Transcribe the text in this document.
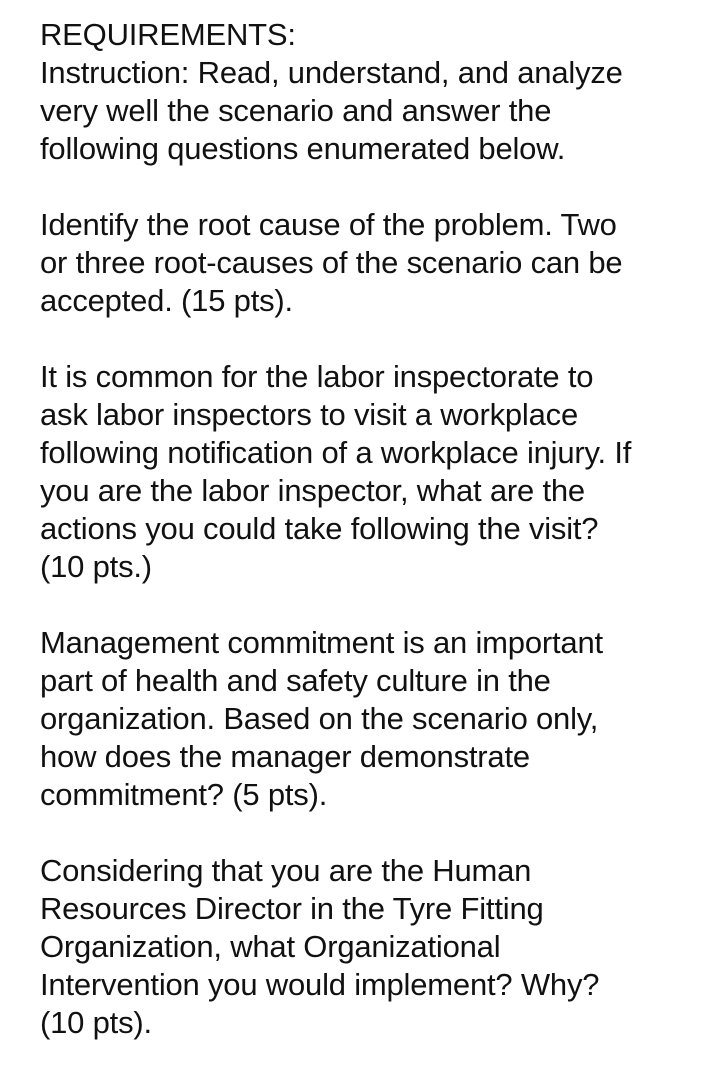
REQUIREMENTS:
Instruction: Read, understand, and analyze
very well the scenario and answer the
following questions enumerated below.
Identify the root cause of the problem. Two
or three root-causes of the scenario can be
accepted. (15 pts).
It is common for the labor inspectorate to
ask labor inspectors to visit a workplace
following notification of a workplace injury. If
you are the labor inspector, what are the
actions you could take following the visit?
(10 pts.)
Management commitment is an important
part of health and safety culture in the
organization. Based on the scenario only,
how does the manager demonstrate
commitment? (5 pts).
Considering that you are the Human
Resources Director in the Tyre Fitting
Organization, what Organizational
Intervention you would implement? Why?
(10 pts).
